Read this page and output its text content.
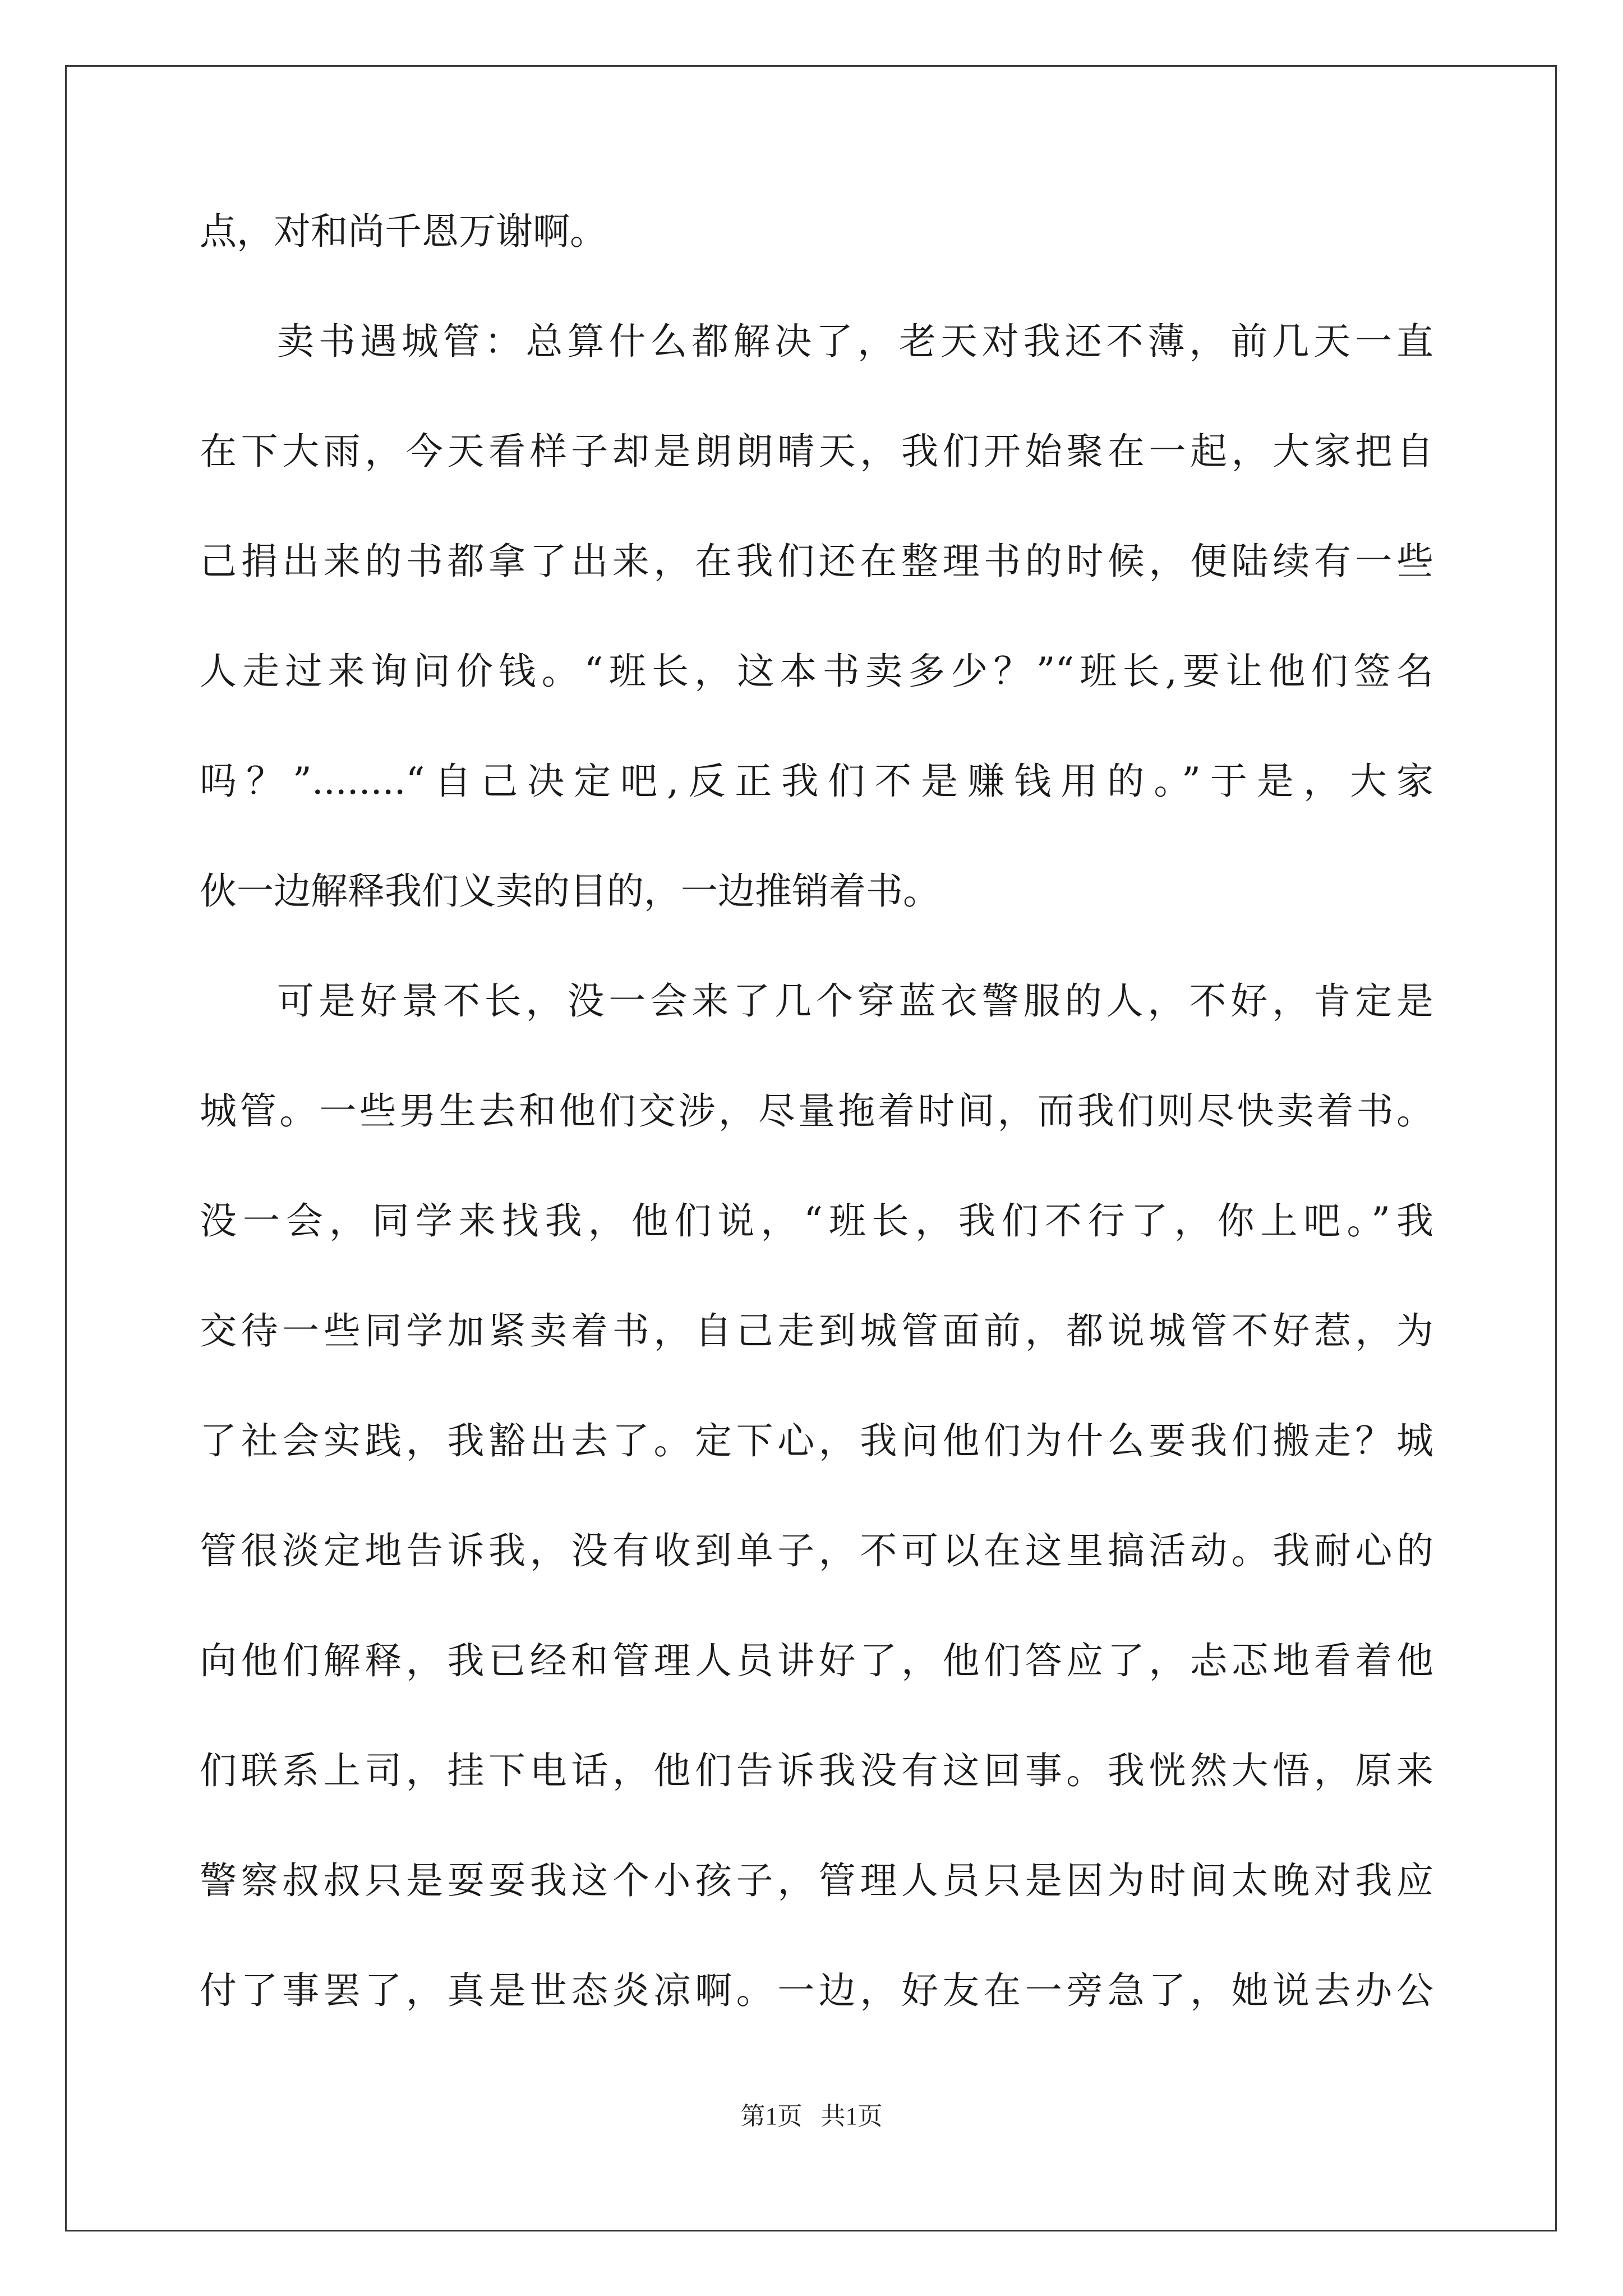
点，对和尚千恩万谢啊。
卖书遇城管：总算什么都解决了，老天对我还不薄，前几天一直
在下大雨，今天看样子却是朗朗晴天，我们开始聚在一起，大家把自
己捐出来的书都拿了出来，在我们还在整理书的时候，便陆续有一些
人走过来询问价钱。“班长，这本书卖多少？”“班长,要让他们签名
吗？”........“自己决定吧,反正我们不是赚钱用的。”于是，大家
伙一边解释我们义卖的目的，一边推销着书。
可是好景不长，没一会来了几个穿蓝衣警服的人，不好，肯定是
城管。一些男生去和他们交涉，尽量拖着时间，而我们则尽快卖着书。
没一会，同学来找我，他们说，“班长，我们不行了，你上吧。”我
交待一些同学加紧卖着书，自己走到城管面前，都说城管不好惹，为
了社会实践，我豁出去了。定下心，我问他们为什么要我们搬走？城
管很淡定地告诉我，没有收到单子，不可以在这里搞活动。我耐心的
向他们解释，我已经和管理人员讲好了，他们答应了，忐忑地看着他
们联系上司，挂下电话，他们告诉我没有这回事。我恍然大悟，原来
警察叔叔只是耍耍我这个小孩子，管理人员只是因为时间太晚对我应
付了事罢了，真是世态炎凉啊。一边，好友在一旁急了，她说去办公
第1页 共1页
